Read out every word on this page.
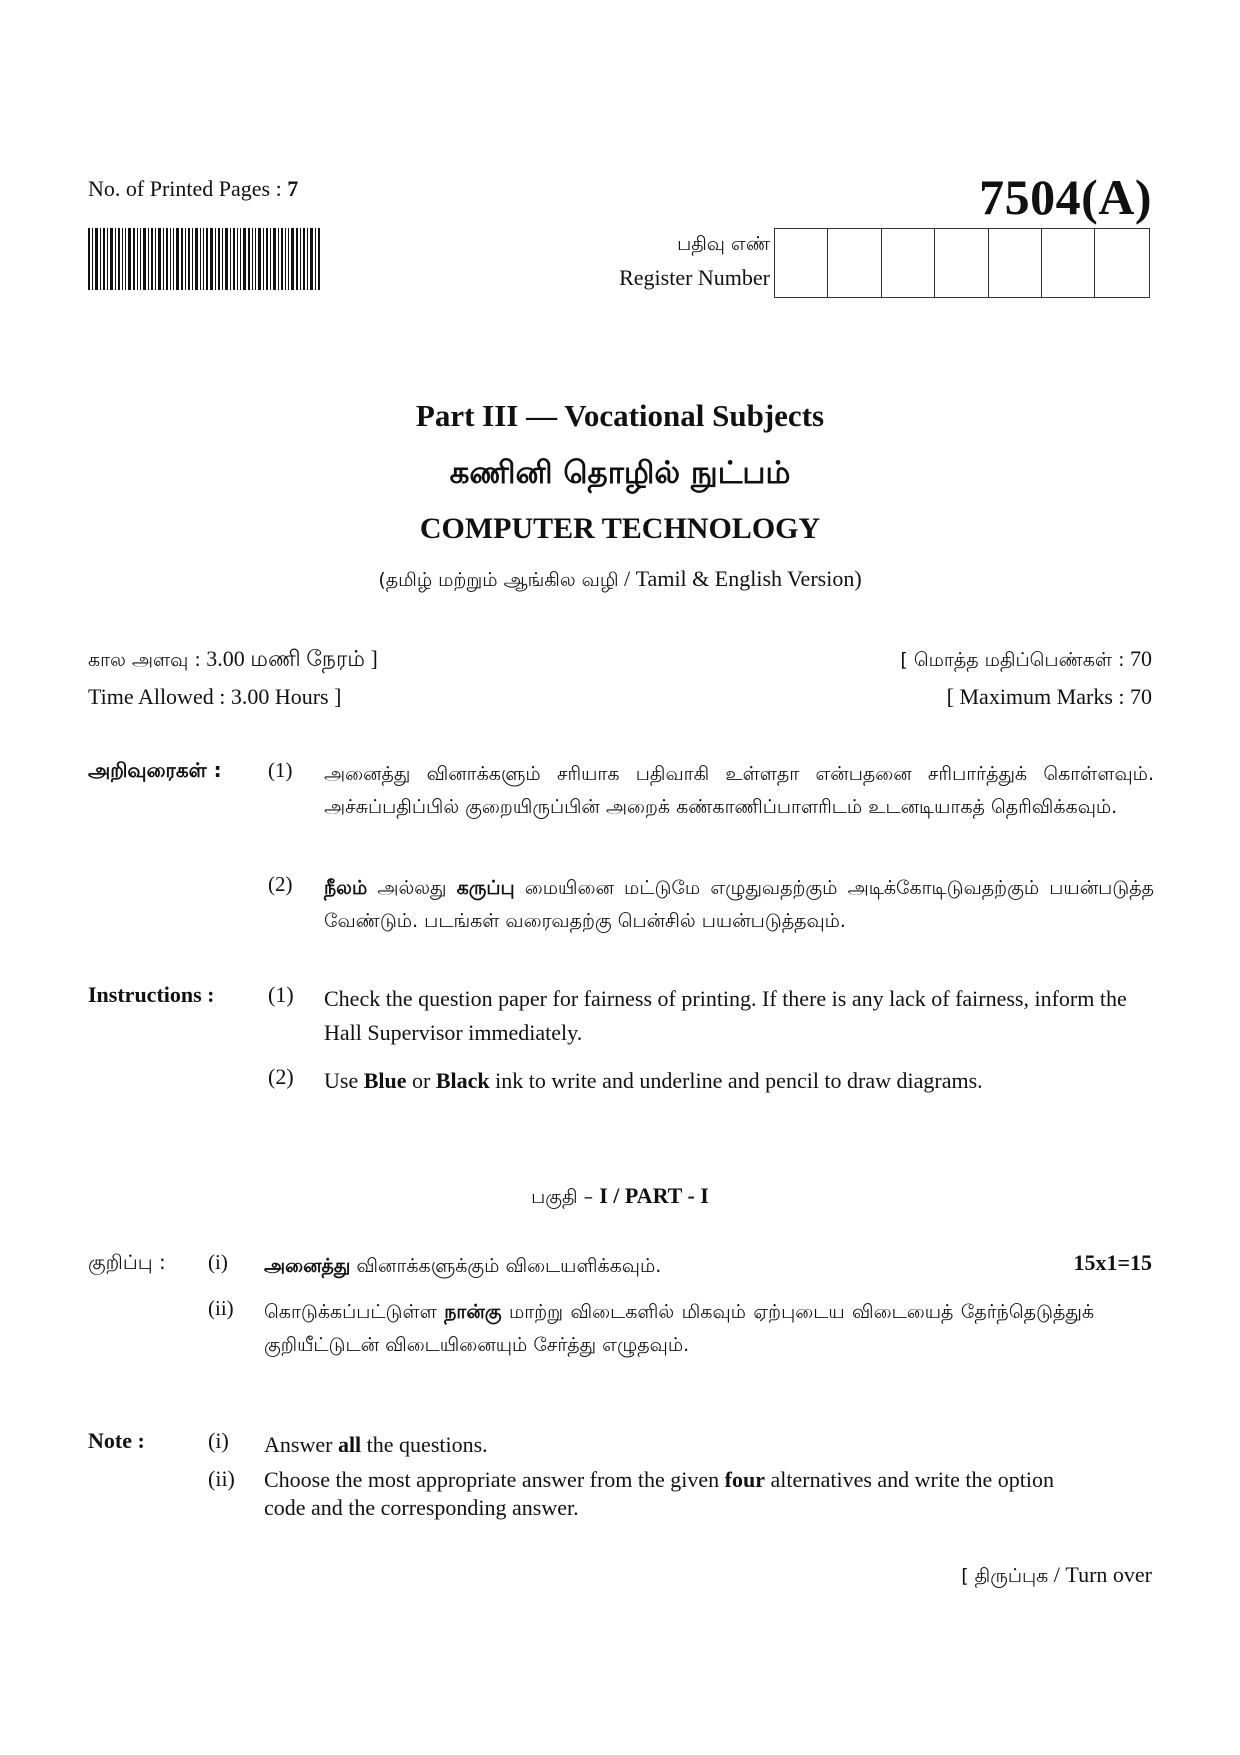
No. of Printed Pages : 7	7504(A)
பதிவு எண்
Register Number
Part III — Vocational Subjects
கணினி தொழில் நுட்பம்
COMPUTER TECHNOLOGY
(தமிழ் மற்றும் ஆங்கில வழி / Tamil & English Version)
கால அளவு : 3.00 மணி நேரம் ]	[ மொத்த மதிப்பெண்கள் : 70
Time Allowed : 3.00 Hours ]	[ Maximum Marks : 70
அறிவுரைகள் : (1) அனைத்து வினாக்களும் சரியாக பதிவாகி உள்ளதா என்பதனை சரிபார்த்துக் கொள்ளவும். அச்சுப்பதிப்பில் குறையிருப்பின் அறைக் கண்காணிப்பாளரிடம் உடனடியாகத் தெரிவிக்கவும்.
(2) நீலம் அல்லது கருப்பு மையினை மட்டுமே எழுதுவதற்கும் அடிக்கோடிடுவதற்கும் பயன்படுத்த வேண்டும். படங்கள் வரைவதற்கு பென்சில் பயன்படுத்தவும்.
Instructions : (1) Check the question paper for fairness of printing. If there is any lack of fairness, inform the Hall Supervisor immediately.
(2) Use Blue or Black ink to write and underline and pencil to draw diagrams.
பகுதி – I / PART - I
குறிப்பு : (i) அனைத்து வினாக்களுக்கும் விடையளிக்கவும்.	15x1=15
(ii) கொடுக்கப்பட்டுள்ள நான்கு மாற்று விடைகளில் மிகவும் ஏற்புடைய விடையைத் தேர்ந்தெடுத்துக் குறியீட்டுடன் விடையினையும் சேர்த்து எழுதவும்.
Note :	(i) Answer all the questions.
(ii) Choose the most appropriate answer from the given four alternatives and write the option code and the corresponding answer.
[ திருப்புக / Turn over
